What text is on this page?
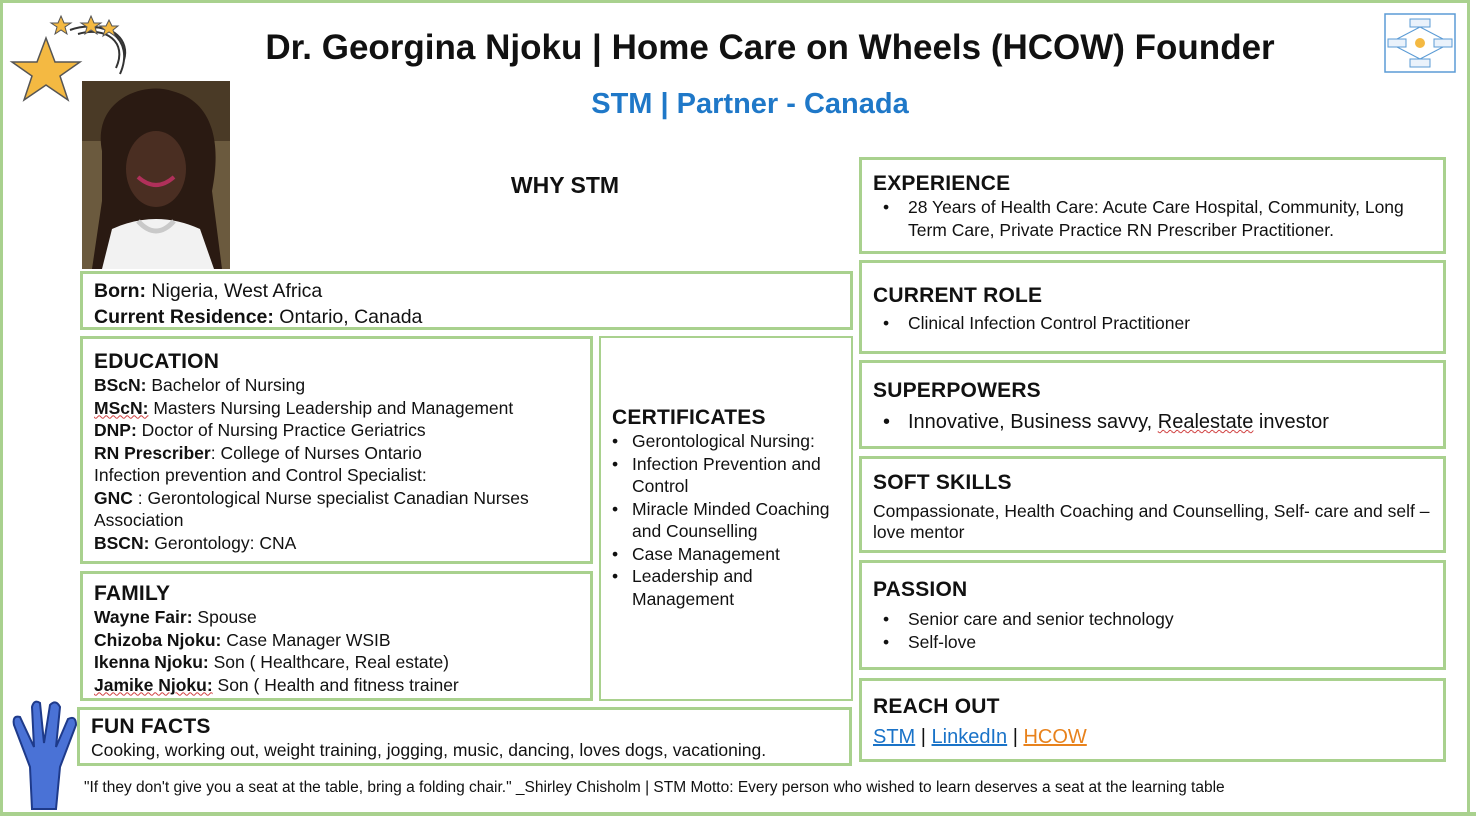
Dr. Georgina Njoku | Home Care on Wheels (HCOW) Founder
STM | Partner - Canada
WHY STM
Born: Nigeria, West Africa
Current Residence: Ontario, Canada
EDUCATION
BScN: Bachelor of Nursing
MScN: Masters Nursing Leadership and Management
DNP: Doctor of Nursing Practice Geriatrics
RN Prescriber: College of Nurses Ontario
Infection prevention and Control Specialist:
GNC : Gerontological Nurse specialist Canadian Nurses
Association
BSCN: Gerontology: CNA
FAMILY
Wayne Fair: Spouse
Chizoba Njoku: Case Manager WSIB
Ikenna Njoku: Son ( Healthcare, Real estate)
Jamike Njoku: Son ( Health and fitness trainer
CERTIFICATES
• Gerontological Nursing:
• Infection Prevention and Control
• Miracle Minded Coaching and Counselling
• Case Management
• Leadership and Management
FUN FACTS
Cooking, working out, weight training, jogging, music, dancing, loves dogs, vacationing.
EXPERIENCE
• 28 Years of Health Care: Acute Care Hospital, Community, Long Term Care, Private Practice RN Prescriber Practitioner.
CURRENT ROLE
• Clinical Infection Control Practitioner
SUPERPOWERS
• Innovative, Business savvy, Realestate investor
SOFT SKILLS
Compassionate, Health Coaching and Counselling, Self- care and self –love mentor
PASSION
• Senior care and senior technology
• Self-love
REACH OUT
STM | LinkedIn | HCOW
"If they don't give you a seat at the table, bring a folding chair." _Shirley Chisholm | STM Motto: Every person who wished to learn deserves a seat at the learning table
